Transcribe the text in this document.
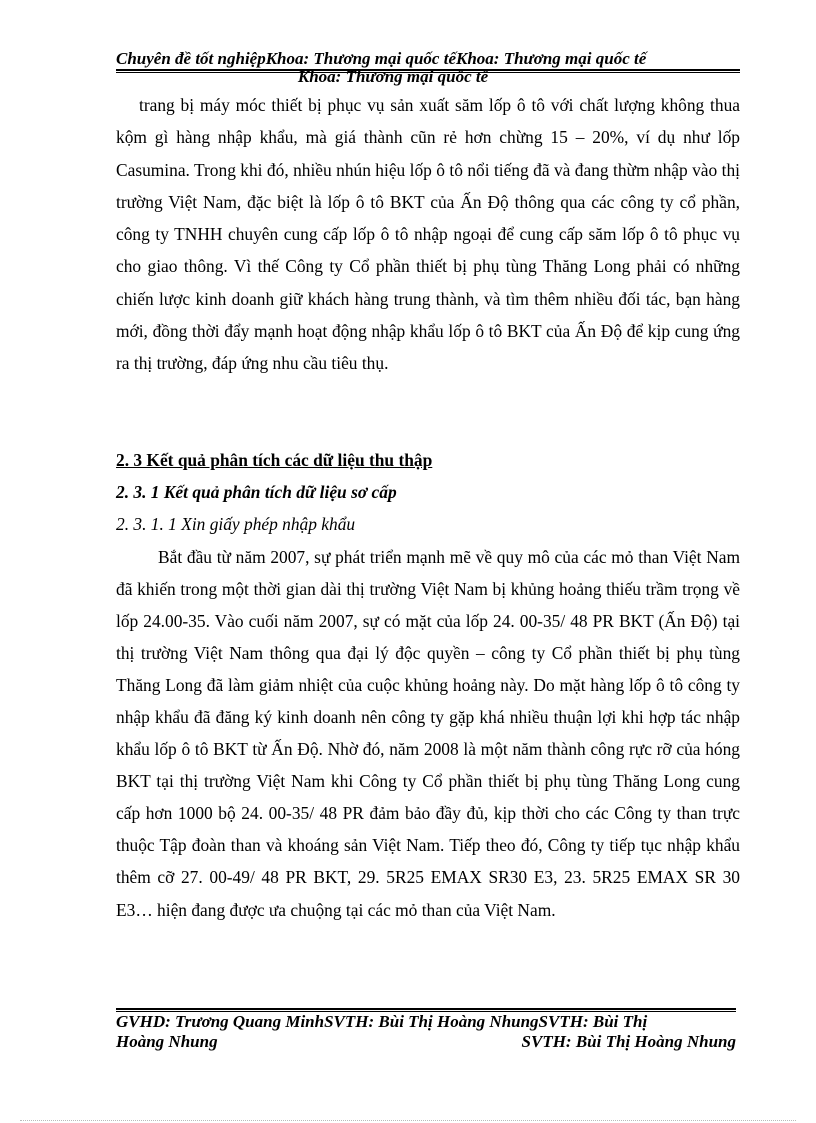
Chuyên đề tốt nghiệpKhoa: Thương mại quốc tếKhoa: Thương mại quốc tế
Khoa: Thương mại quốc tế
trang bị máy móc thiết bị phục vụ sản xuất săm lốp ô tô với chất lượng không thua kộm gì hàng nhập khẩu, mà giá thành cũn rẻ hơn chừng 15 – 20%, ví dụ như lốp Casumina. Trong khi đó, nhiều nhún hiệu lốp ô tô nổi tiếng đã và đang thừm nhập vào thị trường Việt Nam, đặc biệt là lốp ô tô BKT của Ấn Độ thông qua các công ty cổ phần, công ty TNHH chuyên cung cấp lốp ô tô nhập ngoại để cung cấp săm lốp ô tô phục vụ cho giao thông. Vì thế Công ty Cổ phần thiết bị phụ tùng Thăng Long phải có những chiến lược kinh doanh giữ khách hàng trung thành, và tìm thêm nhiều đối tác, bạn hàng mới, đồng thời đẩy mạnh hoạt động nhập khẩu lốp ô tô BKT của Ấn Độ để kịp cung ứng ra thị trường, đáp ứng nhu cầu tiêu thụ.
2. 3 Kết quả phân tích các dữ liệu thu thập
2. 3. 1 Kết quả phân tích dữ liệu sơ cấp
2. 3. 1. 1 Xin giấy phép nhập khẩu
Bắt đầu từ năm 2007, sự phát triển mạnh mẽ về quy mô của các mỏ than Việt Nam đã khiến trong một thời gian dài thị trường Việt Nam bị khủng hoảng thiếu trầm trọng về lốp 24.00-35. Vào cuối năm 2007, sự có mặt của lốp 24. 00-35/ 48 PR BKT (Ấn Độ) tại thị trường Việt Nam thông qua đại lý độc quyền – công ty Cổ phần thiết bị phụ tùng Thăng Long đã làm giảm nhiệt của cuộc khủng hoảng này. Do mặt hàng lốp ô tô công ty nhập khẩu đã đăng ký kinh doanh nên công ty gặp khá nhiều thuận lợi khi hợp tác nhập khẩu lốp ô tô BKT từ Ấn Độ. Nhờ đó, năm 2008 là một năm thành công rực rỡ của hóng BKT tại thị trường Việt Nam khi Công ty Cổ phần thiết bị phụ tùng Thăng Long cung cấp hơn 1000 bộ 24. 00-35/ 48 PR đảm bảo đầy đủ, kịp thời cho các Công ty than trực thuộc Tập đoàn than và khoáng sản Việt Nam. Tiếp theo đó, Công ty tiếp tục nhập khẩu thêm cỡ 27. 00-49/ 48 PR BKT, 29. 5R25 EMAX SR30 E3, 23. 5R25 EMAX SR 30 E3… hiện đang được ưa chuộng tại các mỏ than của Việt Nam.
GVHD: Trương Quang MinhSVTH: Bùi Thị Hoàng NhungSVTH: Bùi Thị
Hoàng Nhung	SVTH: Bùi Thị Hoàng Nhung
